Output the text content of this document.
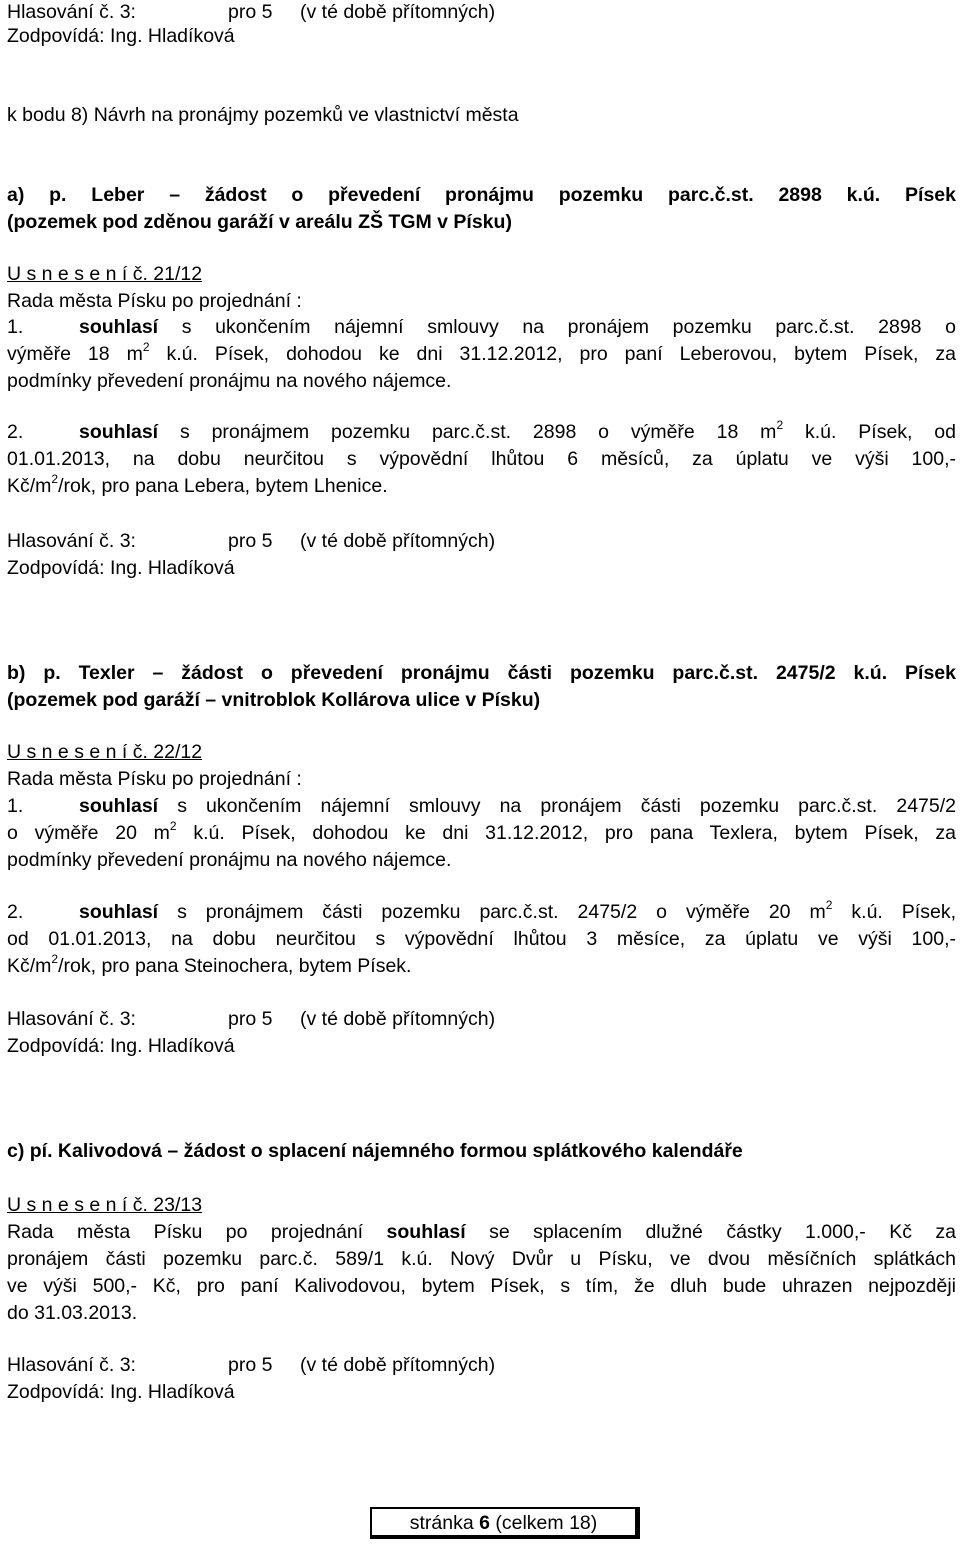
Hlasování č. 3:	pro 5 (v té době přítomných)
Zodpovídá: Ing. Hladíková
k bodu 8) Návrh na pronájmy pozemků ve vlastnictví města
a) p. Leber – žádost o převedení pronájmu pozemku parc.č.st. 2898 k.ú. Písek
(pozemek pod zděnou garáží v areálu ZŠ TGM v Písku)
U s n e s e n í č. 21/12
Rada města Písku po projednání :
1.	souhlasí s ukončením nájemní smlouvy na pronájem pozemku parc.č.st. 2898 o
výměře 18 $m^2$ k.ú. Písek, dohodou ke dni 31.12.2012, pro paní Leberovou, bytem Písek, za
podmínky převedení pronájmu na nového nájemce.
2.	souhlasí s pronájmem pozemku parc.č.st. 2898 o výměře 18 $m^2$ k.ú. Písek, od
01.01.2013, na dobu neurčitou s výpovědní lhůtou 6 měsíců, za úplatu ve výši 100,-
$Kč/m^2$/rok, pro pana Lebera, bytem Lhenice.
Hlasování č. 3:	pro 5 (v té době přítomných)
Zodpovídá: Ing. Hladíková
b) p. Texler – žádost o převedení pronájmu části pozemku parc.č.st. 2475/2 k.ú. Písek
(pozemek pod garáží – vnitroblok Kollárova ulice v Písku)
U s n e s e n í č. 22/12
Rada města Písku po projednání :
1.	souhlasí s ukončením nájemní smlouvy na pronájem části pozemku parc.č.st. 2475/2
o výměře 20 $m^2$ k.ú. Písek, dohodou ke dni 31.12.2012, pro pana Texlera, bytem Písek, za
podmínky převedení pronájmu na nového nájemce.
2.	souhlasí s pronájmem části pozemku parc.č.st. 2475/2 o výměře 20 $m^2$ k.ú. Písek,
od 01.01.2013, na dobu neurčitou s výpovědní lhůtou 3 měsíce, za úplatu ve výši 100,-
$Kč/m^2$/rok, pro pana Steinochera, bytem Písek.
Hlasování č. 3:	pro 5 (v té době přítomných)
Zodpovídá: Ing. Hladíková
c) pí. Kalivodová – žádost o splacení nájemného formou splátkového kalendáře
U s n e s e n í č. 23/13
Rada města Písku po projednání souhlasí se splacením dlužné částky 1.000,- Kč za
pronájem části pozemku parc.č. 589/1 k.ú. Nový Dvůr u Písku, ve dvou měsíčních splátkách
ve výši 500,- Kč, pro paní Kalivodovou, bytem Písek, s tím, že dluh bude uhrazen nejpozději
do 31.03.2013.
Hlasování č. 3:	pro 5 (v té době přítomných)
Zodpovídá: Ing. Hladíková
stránka 6 (celkem 18)
